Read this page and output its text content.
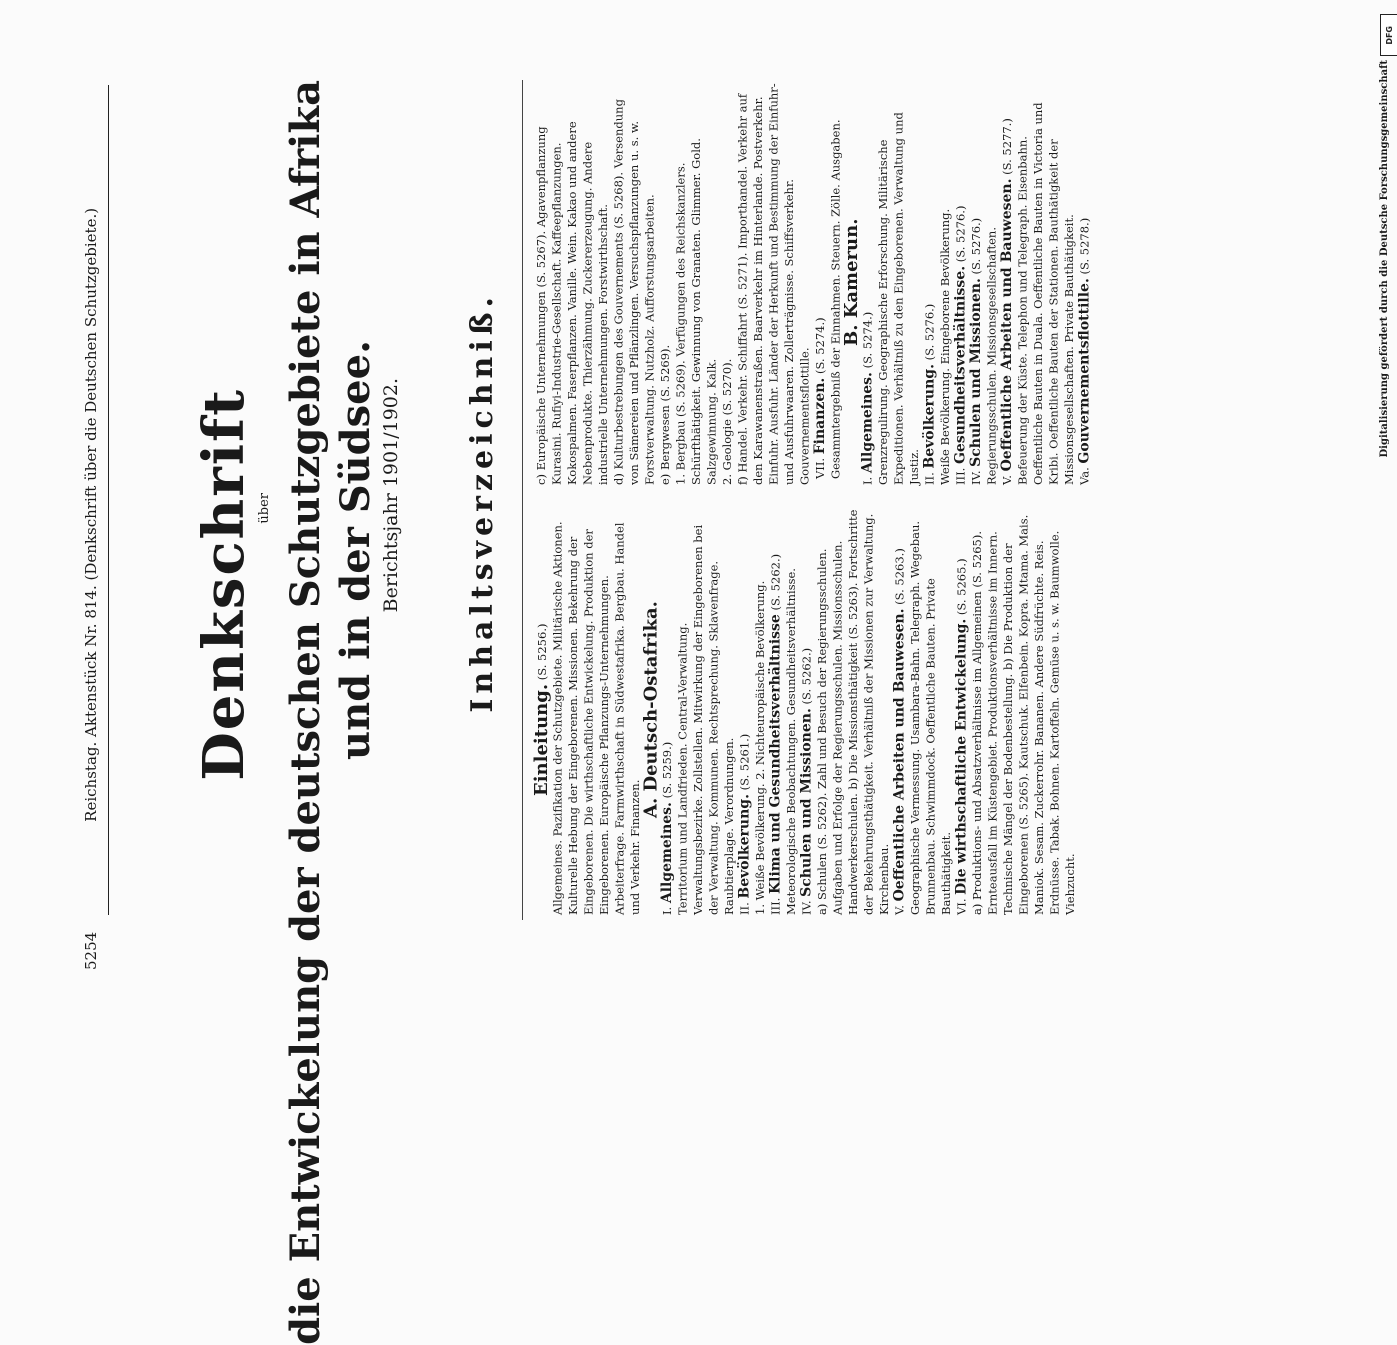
5254Reichstag. Aktenstück Nr. 814. (Denkschrift über die Deutschen Schutzgebiete.) Denkschrift über die Entwickelung der deutschen Schutzgebiete in Afrika und in der Südsee. Berichtsjahr 1901/1902. Inhaltsverzeichniß.
Einleitung. (S. 5256.) Allgemeines. Pazifikation der Schutzgebiete. Militärische Aktionen. Kulturelle Hebung der Eingeborenen. Missionen. Bekehrung der Eingeborenen. Die wirthschaftliche Entwickelung. Produktion der Eingeborenen. Europäische Pflanzungs-Unternehmungen. Arbeiterfrage. Farmwirthschaft in Südwestafrika. Bergbau. Handel und Verkehr. Finanzen.
A. Deutsch-Ostafrika.
I. Allgemeines. (S. 5259.) Territorium und Landfrieden. Central-Verwaltung. Verwaltungsbezirke. Zollstellen. Mitwirkung der Eingeborenen bei der Verwaltung. Kommunen. Rechtsprechung. Sklavenfrage. Raubtierplage. Verordnungen. II. Bevölkerung. (S. 5261.) 1. Weiße Bevölkerung. 2. Nichteuropäische Bevölkerung. III. Klima und Gesundheitsverhältnisse (S. 5262.) Meteorologische Beobachtungen. Gesundheitsverhältnisse. IV. Schulen und Missionen. (S. 5262.) a) Schulen (S. 5262). Zahl und Besuch der Regierungsschulen. Aufgaben und Erfolge der Regierungsschulen. Missionsschulen. Handwerkerschulen. b) Die Missionsthätigkeit (S. 5263). Fortschritte der Bekehrungsthätigkeit. Verhältniß der Missionen zur Verwaltung. Kirchenbau. V. Oeffentliche Arbeiten und Bauwesen. (S. 5263.) Geographische Vermessung. Usambara-Bahn. Telegraph. Wegebau. Brunnenbau. Schwimmdock. Oeffentliche Bauten. Private Bauthätigkeit. VI. Die wirthschaftliche Entwickelung. (S. 5265.) a) Produktions- und Absatzverhältnisse im Allgemeinen (S. 5265). Ernteausfall im Küstengebiet. Produktionsverhältnisse im Innern. Technische Mängel der Bodenbestellung. b) Die Produktion der Eingeborenen (S. 5265). Kautschuk. Elfenbein. Kopra. Mtama. Mais. Maniok. Sesam. Zuckerrohr. Bananen. Andere Südfrüchte. Reis. Erdnüsse. Tabak. Bohnen. Kartoffeln. Gemüse u. s. w. Baumwolle. Viehzucht.
c) Europäische Unternehmungen (S. 5267). Agavenpflanzung Kurasini. Rufiyi-Industrie-Gesellschaft. Kaffeepflanzungen. Kokospalmen. Faserpflanzen. Vanille. Wein. Kakao und andere Nebenprodukte. Thierzähmung. Zuckererzeugung. Andere industrielle Unternehmungen. Forstwirthschaft. d) Kulturbestrebungen des Gouvernements (S. 5268). Versendung von Sämereien und Pflänzlingen. Versuchspflanzungen u. s. w. Forstverwaltung. Nutzholz. Aufforstungsarbeiten. e) Bergwesen (S. 5269). 1. Bergbau (S. 5269). Verfügungen des Reichskanzlers. Schürfthätigkeit. Gewinnung von Granaten. Glimmer. Gold. Salzgewinnung. Kalk. 2. Geologie (S. 5270). f) Handel. Verkehr. Schiffahrt (S. 5271). Importhandel. Verkehr auf den Karawanenstraßen. Baarverkehr im Hinterlande. Postverkehr. Einfuhr. Ausfuhr. Länder der Herkunft und Bestimmung der Einfuhr- und Ausfuhrwaaren. Zollerträgnisse. Schiffsverkehr. Gouvernementsflottille. VII. Finanzen. (S. 5274.) Gesammtergebniß der Einnahmen. Steuern. Zölle. Ausgaben.
B. Kamerun.
I. Allgemeines. (S. 5274.) Grenzregulirung. Geographische Erforschung. Militärische Expeditionen. Verhältniß zu den Eingeborenen. Verwaltung und Justiz. II. Bevölkerung. (S. 5276.) Weiße Bevölkerung. Eingeborene Bevölkerung. III. Gesundheitsverhältnisse. (S. 5276.)
IV. Schulen und Missionen. (S. 5276.) Regierungsschulen. Missionsgesellschaften. V. Oeffentliche Arbeiten und Bauwesen. (S. 5277.) Befeuerung der Küste. Telephon und Telegraph. Eisenbahn. Oeffentliche Bauten in Duala. Oeffentliche Bauten in Victoria und Kribi. Oeffentliche Bauten der Stationen. Bauthätigkeit der Missionsgesellschaften. Private Bauthätigkeit. Va. Gouvernementsflottille. (S. 5278.)
DFG
Digitalisierung gefördert durch die Deutsche Forschungsgemeinschaft
